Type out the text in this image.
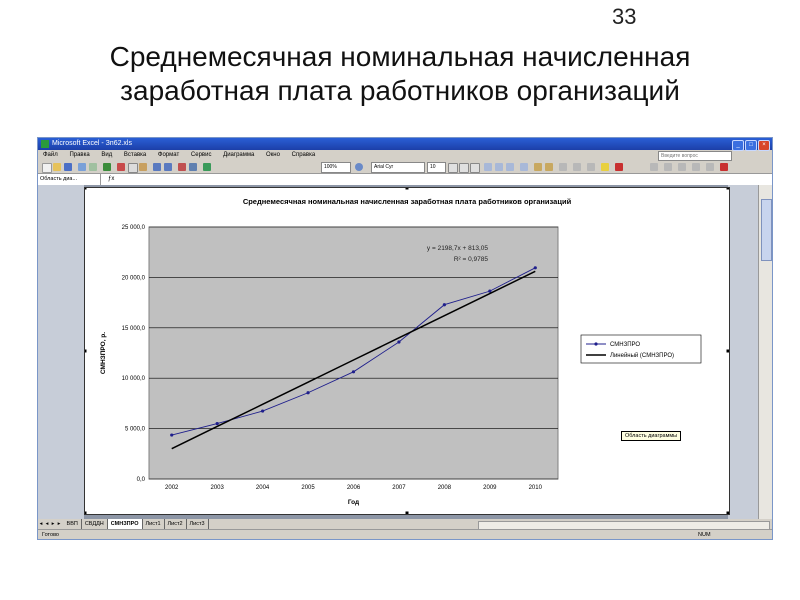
33
Среднемесячная номинальная начисленная заработная плата работников организаций
Microsoft Excel - Зп62.xls	_ □ ×
Файл Правка Вид Вставка Формат Сервис Диаграмма Окно Справка	Введите вопрос
100%	Arial Cyr	10
Область диа...	ƒx
Среднемесячная номинальная начисленная заработная плата работников организаций
0,0
5 000,0
10 000,0
15 000,0
20 000,0
25 000,0
2002	2003	2004	2005	2006	2007	2008	2009	2010
Год
СМНЗПРО, р.
y = 2198,7x + 813,05
R² = 0,9785
СМНЗПРО
Линейный (СМНЗПРО)
◂ ◂ ▸ ▸ ВВП СВДДН СМНЗПРО Лист1 Лист2 Лист3
Готово	NUM
Область диаграммы
